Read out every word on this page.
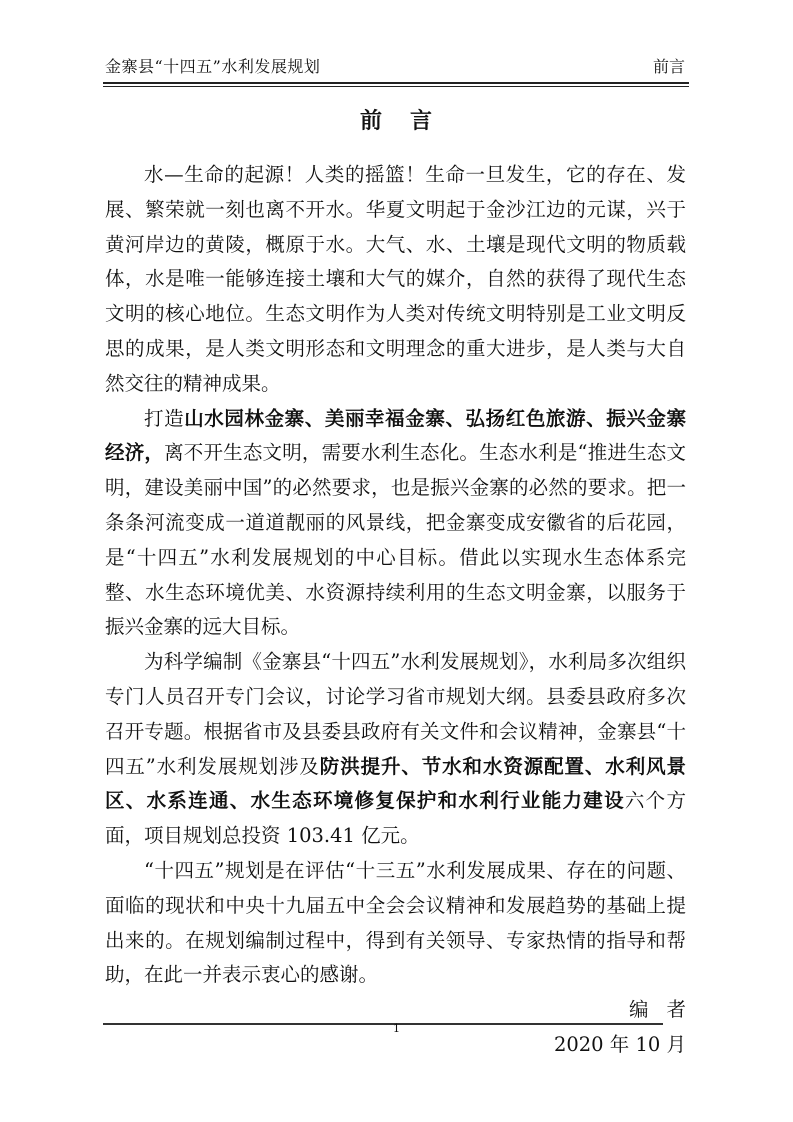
金寨县“十四五”水利发展规划	前言
前言

水—生命的起源！人类的摇篮！生命一旦发生，它的存在、发展、繁荣就一刻也离不开水。华夏文明起于金沙江边的元谋，兴于黄河岸边的黄陵，概原于水。大气、水、土壤是现代文明的物质载体，水是唯一能够连接土壤和大气的媒介，自然的获得了现代生态文明的核心地位。生态文明作为人类对传统文明特别是工业文明反思的成果，是人类文明形态和文明理念的重大进步，是人类与大自然交往的精神成果。

打造山水园林金寨、美丽幸福金寨、弘扬红色旅游、振兴金寨经济，离不开生态文明，需要水利生态化。生态水利是“推进生态文明，建设美丽中国”的必然要求，也是振兴金寨的必然的要求。把一条条河流变成一道道靓丽的风景线，把金寨变成安徽省的后花园，是“十四五”水利发展规划的中心目标。借此以实现水生态体系完整、水生态环境优美、水资源持续利用的生态文明金寨，以服务于振兴金寨的远大目标。

为科学编制《金寨县“十四五”水利发展规划》，水利局多次组织专门人员召开专门会议，讨论学习省市规划大纲。县委县政府多次召开专题。根据省市及县委县政府有关文件和会议精神，金寨县“十四五”水利发展规划涉及防洪提升、节水和水资源配置、水利风景区、水系连通、水生态环境修复保护和水利行业能力建设六个方面，项目规划总投资 103.41 亿元。

“十四五”规划是在评估“十三五”水利发展成果、存在的问题、面临的现状和中央十九届五中全会会议精神和发展趋势的基础上提出来的。在规划编制过程中，得到有关领导、专家热情的指导和帮助，在此一并表示衷心的感谢。

编者

2020 年 10 月

1
